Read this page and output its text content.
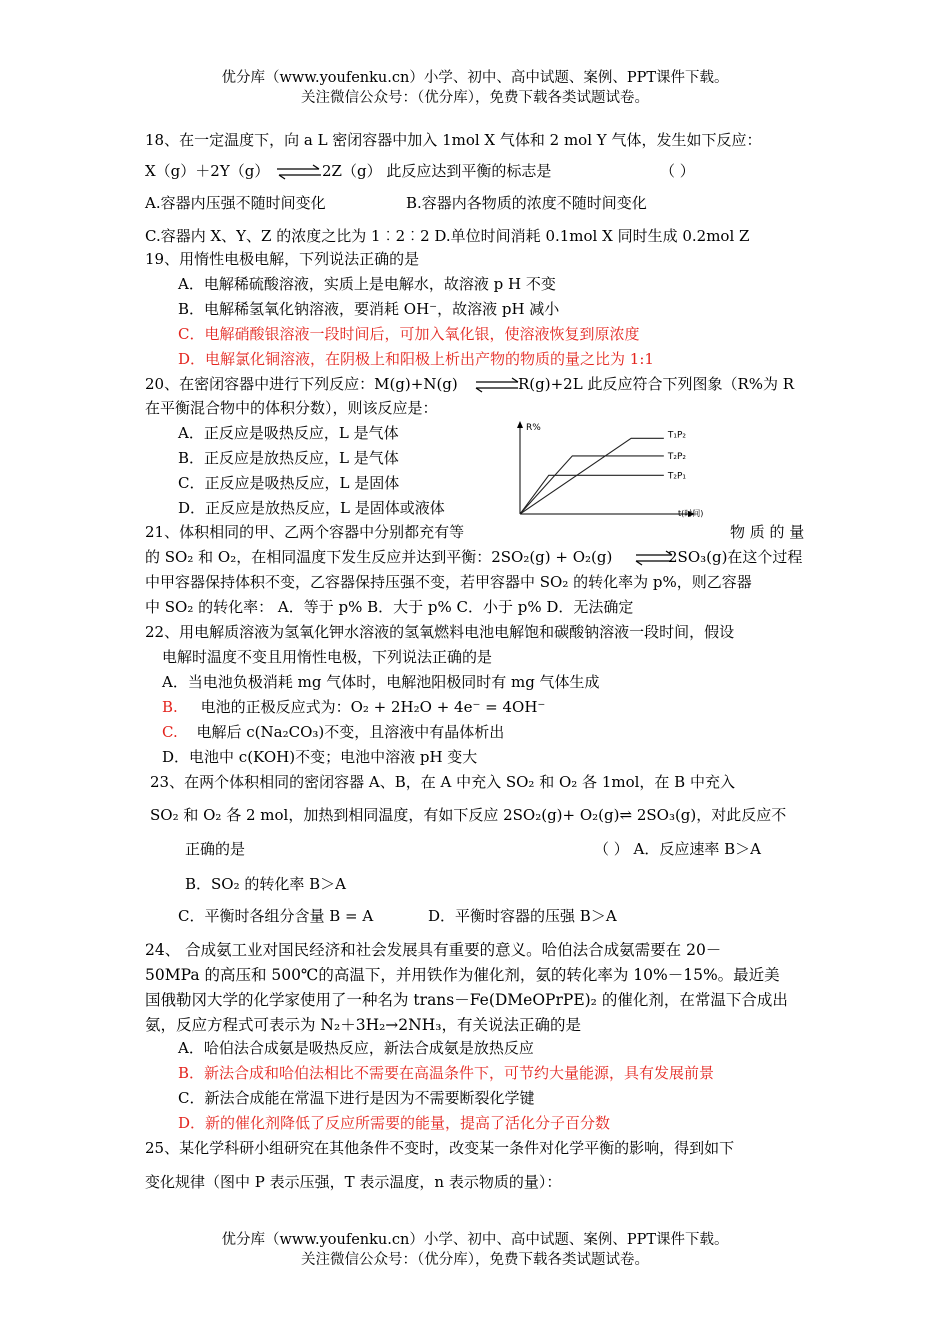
优分库（www.youfenku.cn）小学、初中、高中试题、案例、PPT课件下载。
关注微信公众号：（优分库），免费下载各类试题试卷。
18、在一定温度下，向 a L 密闭容器中加入 1mol X 气体和 2 mol Y 气体，发生如下反应：
X（g）＋2Y（g） ⇌ 2Z（g） 此反应达到平衡的标志是	（ ）
A.容器内压强不随时间变化	B.容器内各物质的浓度不随时间变化
C.容器内 X、Y、Z 的浓度之比为 1︰2︰2 D.单位时间消耗 0.1mol X 同时生成 0.2mol Z
19、用惰性电极电解，下列说法正确的是
A．电解稀硫酸溶液，实质上是电解水，故溶液 p H 不变
B．电解稀氢氧化钠溶液，要消耗 OH⁻，故溶液 pH 减小
C．电解硝酸银溶液一段时间后，可加入氧化银，使溶液恢复到原浓度
D．电解氯化铜溶液，在阴极上和阳极上析出产物的物质的量之比为 1:1
20、在密闭容器中进行下列反应：M(g)+N(g) ⇌
R(g)+2L 此反应符合下列图象（R%为 R
在平衡混合物中的体积分数），则该反应是：
A．正反应是吸热反应，L 是气体
B．正反应是放热反应，L 是气体
C．正反应是吸热反应，L 是固体
D．正反应是放热反应，L 是固体或液体
R%
t(时间)
T₁P₂
T₂P₂
T₂P₁
21、体积相同的甲、乙两个容器中分别都充有等	物 质 的 量
的 SO₂ 和 O₂，在相同温度下发生反应并达到平衡：2SO₂(g) + O₂(g) ⇌
2SO₃(g)在这个过程
中甲容器保持体积不变，乙容器保持压强不变，若甲容器中 SO₂ 的转化率为 p%，则乙容器
中 SO₂ 的转化率： A．等于 p% B．大于 p% C．小于 p% D．无法确定
22、用电解质溶液为氢氧化钾水溶液的氢氧燃料电池电解饱和碳酸钠溶液一段时间，假设
电解时温度不变且用惰性电极，下列说法正确的是
A．当电池负极消耗 mg 气体时，电解池阳极同时有 mg 气体生成
B. 电池的正极反应式为：O₂ + 2H₂O + 4e⁻ = 4OH⁻
C. 电解后 c(Na₂CO₃)不变，且溶液中有晶体析出
D．电池中 c(KOH)不变；电池中溶液 pH 变大
23、在两个体积相同的密闭容器 A、B，在 A 中充入 SO₂ 和 O₂ 各 1mol，在 B 中充入
SO₂ 和 O₂ 各 2 mol，加热到相同温度，有如下反应 2SO₂(g)+ O₂(g)⇌ 2SO₃(g)，对此反应不
正确的是	（ ） A．反应速率 B＞A
B．SO₂ 的转化率 B＞A
C．平衡时各组分含量 B = A	D．平衡时容器的压强 B＞A
24、 合成氨工业对国民经济和社会发展具有重要的意义。哈伯法合成氨需要在 20－
50MPa 的高压和 500℃的高温下，并用铁作为催化剂，氨的转化率为 10%－15%。最近美
国俄勒冈大学的化学家使用了一种名为 trans－Fe(DMeOPrPE)₂ 的催化剂，在常温下合成出
氨，反应方程式可表示为 N₂＋3H₂→2NH₃，有关说法正确的是
A．哈伯法合成氨是吸热反应，新法合成氨是放热反应
B．新法合成和哈伯法相比不需要在高温条件下，可节约大量能源，具有发展前景
C．新法合成能在常温下进行是因为不需要断裂化学键
D．新的催化剂降低了反应所需要的能量，提高了活化分子百分数
25、某化学科研小组研究在其他条件不变时，改变某一条件对化学平衡的影响，得到如下
变化规律（图中 P 表示压强，T 表示温度，n 表示物质的量）：
优分库（www.youfenku.cn）小学、初中、高中试题、案例、PPT课件下载。
关注微信公众号：（优分库），免费下载各类试题试卷。
